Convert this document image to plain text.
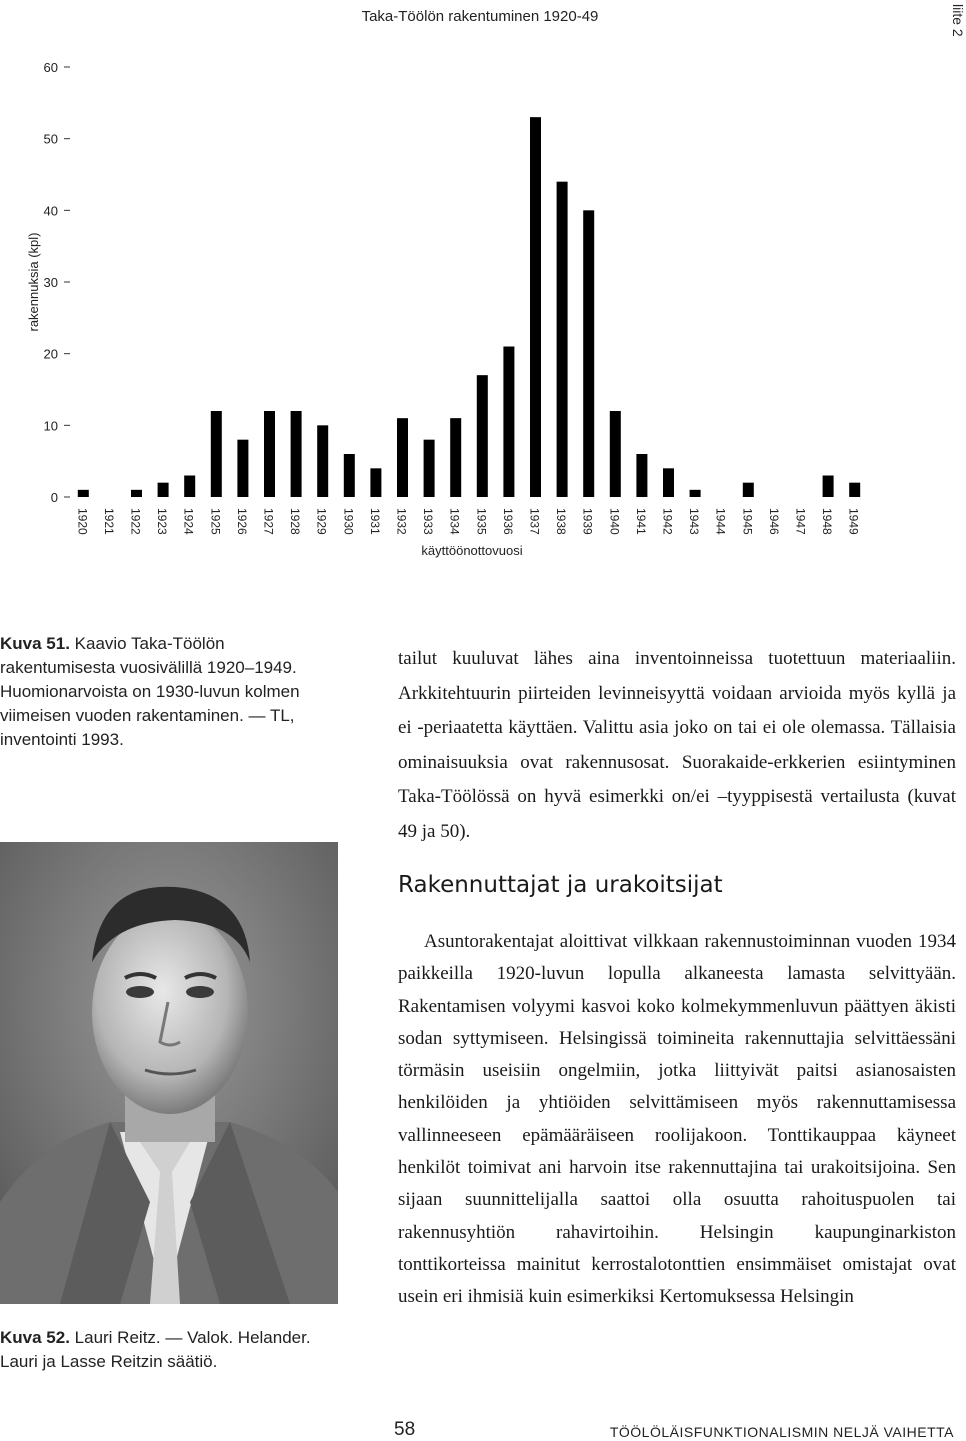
Taka-Töölön rakentuminen 1920-49	liite 2
0
10
20
30
40
50
60
1920 1921 1922 1923 1924 1925 1926 1927 1928 1929 1930 1931 1932 1933 1934 1935 1936 1937 1938 1939 1940 1941 1942 1943 1944 1945 1946 1947 1948 1949
rakennuksia (kpl)
käyttöönottovuosi
Kuva 51. Kaavio Taka-Töölön rakentumisesta vuosivälillä 1920–1949. Huomionarvoista on 1930-luvun kolmen viimeisen vuoden rakentaminen. — TL, inventointi 1993.

tailut kuuluvat lähes aina inventoinneissa tuotettuun materiaaliin. Arkkitehtuurin piirteiden levinneisyyttä voidaan arvioida myös kyllä ja ei -periaatetta käyttäen. Valittu asia joko on tai ei ole olemassa. Tällaisia ominaisuuksia ovat rakennusosat. Suorakaide-erkkerien esiintyminen Taka-Töölössä on hyvä esimerkki on/ei –tyyppisestä vertailusta (kuvat 49 ja 50).

Rakennuttajat ja urakoitsijat

Asuntorakentajat aloittivat vilkkaan rakennustoiminnan vuoden 1934 paikkeilla 1920-luvun lopulla alkaneesta lamasta selvittyään. Rakentamisen volyymi kasvoi koko kolmekymmenluvun päättyen äkisti sodan syttymiseen. Helsingissä toimineita rakennuttajia selvittäessäni törmäsin useisiin ongelmiin, jotka liittyivät paitsi asianosaisten henkilöiden ja yhtiöiden selvittämiseen myös rakennuttamisessa vallinneeseen epämääräiseen roolijakoon. Tonttikauppaa käyneet henkilöt toimivat ani harvoin itse rakennuttajina tai urakoitsijoina. Sen sijaan suunnittelijalla saattoi olla osuutta rahoituspuolen tai rakennusyhtiön rahavirtoihin. Helsingin kaupunginarkiston tonttikorteissa mainitut kerrostalotonttien ensimmäiset omistajat ovat usein eri ihmisiä kuin esimerkiksi Kertomuksessa Helsingin

Kuva 52. Lauri Reitz. — Valok. Helander. Lauri ja Lasse Reitzin säätiö.
58	TÖÖLÖLÄISFUNKTIONALISMIN NELJÄ VAIHETTA
